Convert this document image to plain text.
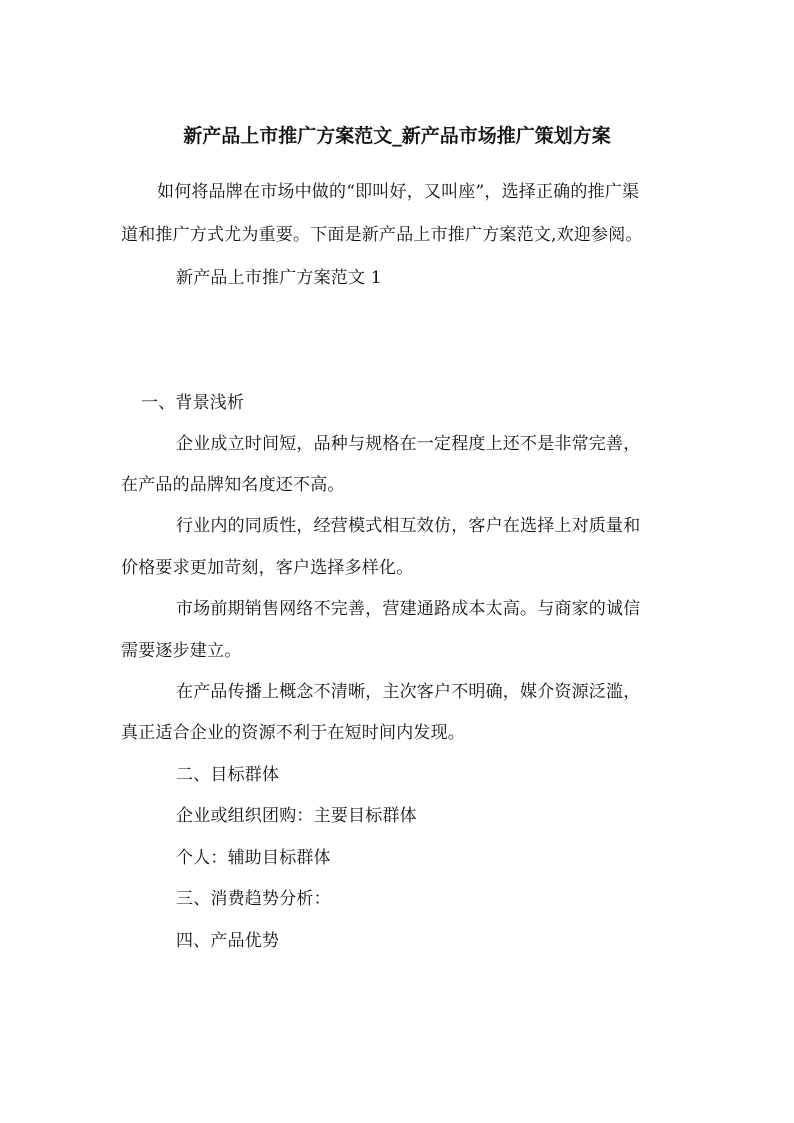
新产品上市推广方案范文_新产品市场推广策划方案
如何将品牌在市场中做的“即叫好，又叫座”，选择正确的推广渠
道和推广方式尤为重要。下面是新产品上市推广方案范文,欢迎参阅。
新产品上市推广方案范文 1
一、背景浅析
企业成立时间短，品种与规格在一定程度上还不是非常完善，
在产品的品牌知名度还不高。
行业内的同质性，经营模式相互效仿，客户在选择上对质量和
价格要求更加苛刻，客户选择多样化。
市场前期销售网络不完善，营建通路成本太高。与商家的诚信
需要逐步建立。
在产品传播上概念不清晰，主次客户不明确，媒介资源泛滥，
真正适合企业的资源不利于在短时间内发现。
二、目标群体
企业或组织团购：主要目标群体
个人：辅助目标群体
三、消费趋势分析：
四、产品优势
